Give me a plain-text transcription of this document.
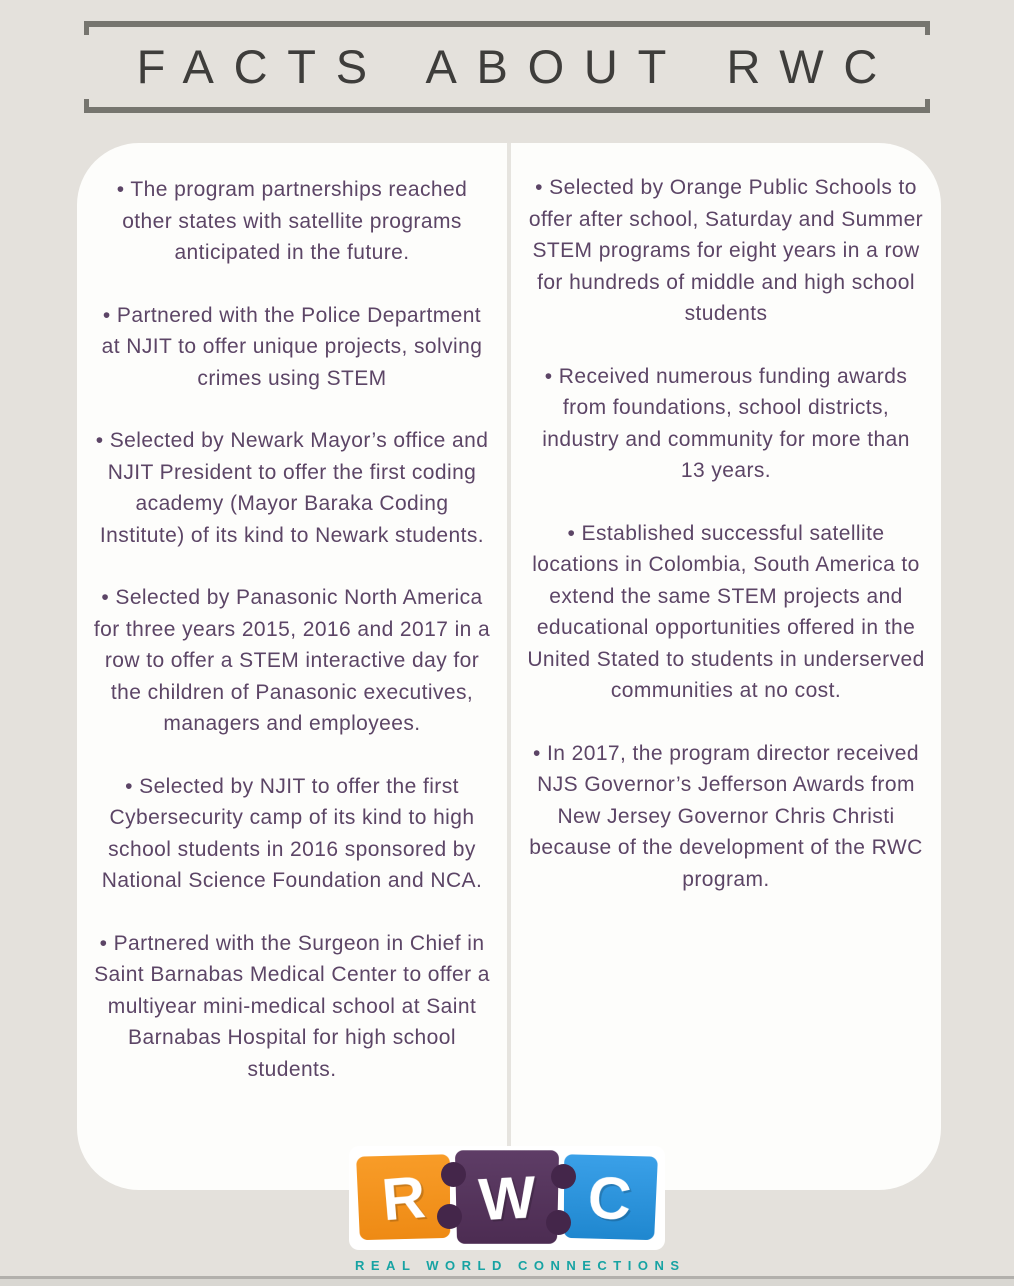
FACTS ABOUT RWC

• The program partnerships reached other states with satellite programs anticipated in the future.

• Partnered with the Police Department at NJIT to offer unique projects, solving crimes using STEM

• Selected by Newark Mayor’s office and NJIT President to offer the first coding academy (Mayor Baraka Coding Institute) of its kind to Newark students.

• Selected by Panasonic North America for three years 2015, 2016 and 2017 in a row to offer a STEM interactive day for the children of Panasonic executives, managers and employees.

• Selected by NJIT to offer the first Cybersecurity camp of its kind to high school students in 2016 sponsored by National Science Foundation and NCA.

• Partnered with the Surgeon in Chief in Saint Barnabas Medical Center to offer a multiyear mini-medical school at Saint Barnabas Hospital for high school students.

• Selected by Orange Public Schools to offer after school, Saturday and Summer STEM programs for eight years in a row for hundreds of middle and high school students

• Received numerous funding awards from foundations, school districts, industry and community for more than 13 years.

• Established successful satellite locations in Colombia, South America to extend the same STEM projects and educational opportunities offered in the United Stated to students in underserved communities at no cost.

• In 2017, the program director received NJS Governor’s Jefferson Awards from New Jersey Governor Chris Christi because of the development of the RWC program.

R W C
REAL WORLD CONNECTIONS
